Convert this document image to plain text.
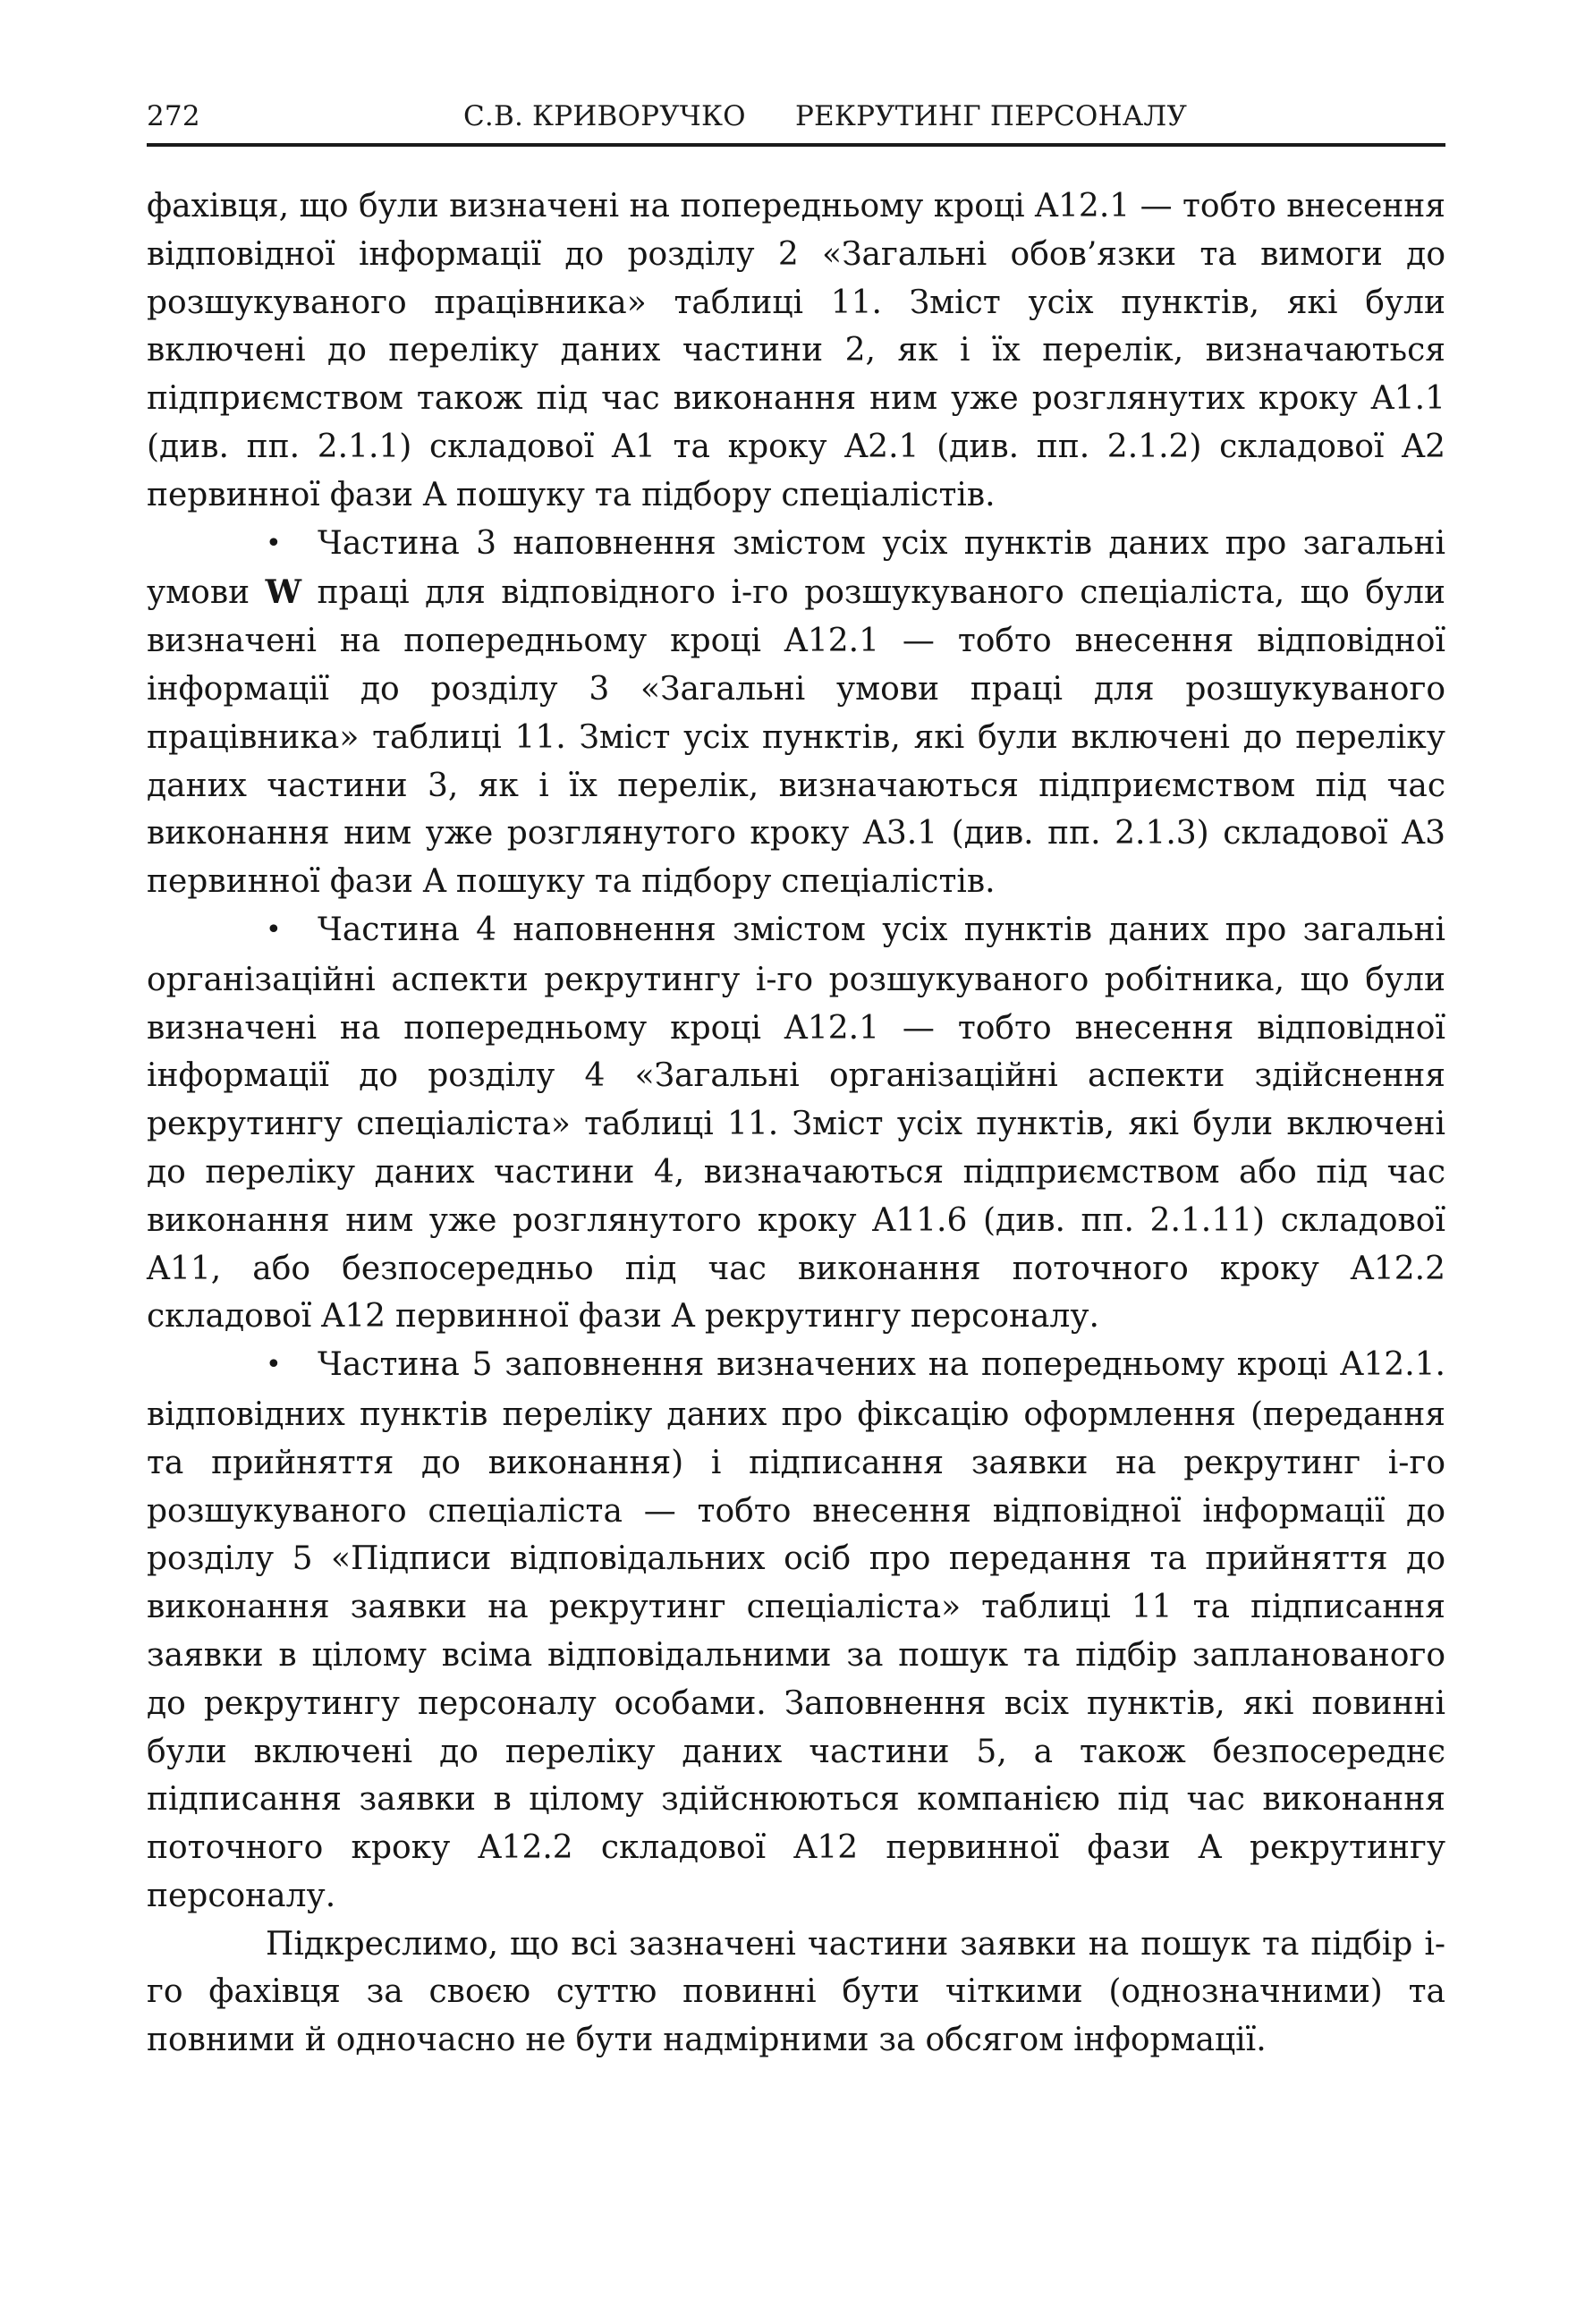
272	С.В. КРИВОРУЧКО РЕКРУТИНГ ПЕРСОНАЛУ

фахівця, що були визначені на попередньому кроці A12.1 — тобто внесення відповідної інформації до розділу 2 «Загальні обов’язки та вимоги до розшукуваного працівника» таблиці 11. Зміст усіх пунктів, які були включені до переліку даних частини 2, як і їх перелік, визначаються підприємством також під час виконання ним уже розглянутих кроку A1.1 (див. пп. 2.1.1) складової A1 та кроку A2.1 (див. пп. 2.1.2) складової A2 первинної фази A пошуку та підбору спеціалістів.

• Частина 3 наповнення змістом усіх пунктів даних про загальні умови W праці для відповідного і-го розшукуваного спеціаліста, що були визначені на попередньому кроці A12.1 — тобто внесення відповідної інформації до розділу 3 «Загальні умови праці для розшукуваного працівника» таблиці 11. Зміст усіх пунктів, які були включені до переліку даних частини 3, як і їх перелік, визначаються підприємством під час виконання ним уже розглянутого кроку A3.1 (див. пп. 2.1.3) складової A3 первинної фази A пошуку та підбору спеціалістів.

• Частина 4 наповнення змістом усіх пунктів даних про загальні організаційні аспекти рекрутингу і-го розшукуваного робітника, що були визначені на попередньому кроці A12.1 — тобто внесення відповідної інформації до розділу 4 «Загальні організаційні аспекти здійснення рекрутингу спеціаліста» таблиці 11. Зміст усіх пунктів, які були включені до переліку даних частини 4, визначаються підприємством або під час виконання ним уже розглянутого кроку A11.6 (див. пп. 2.1.11) складової A11, або безпосередньо під час виконання поточного кроку A12.2 складової A12 первинної фази A рекрутингу персоналу.

• Частина 5 заповнення визначених на попередньому кроці A12.1. відповідних пунктів переліку даних про фіксацію оформлення (передання та прийняття до виконання) і підписання заявки на рекрутинг і-го розшукуваного спеціаліста — тобто внесення відповідної інформації до розділу 5 «Підписи відповідальних осіб про передання та прийняття до виконання заявки на рекрутинг спеціаліста» таблиці 11 та підписання заявки в цілому всіма відповідальними за пошук та підбір запланованого до рекрутингу персоналу особами. Заповнення всіх пунктів, які повинні були включені до переліку даних частини 5, а також безпосереднє підписання заявки в цілому здійснюються компанією під час виконання поточного кроку A12.2 складової A12 первинної фази A рекрутингу персоналу.

Підкреслимо, що всі зазначені частини заявки на пошук та підбір і-го фахівця за своєю суттю повинні бути чіткими (однозначними) та повними й одночасно не бути надмірними за обсягом інформації.
